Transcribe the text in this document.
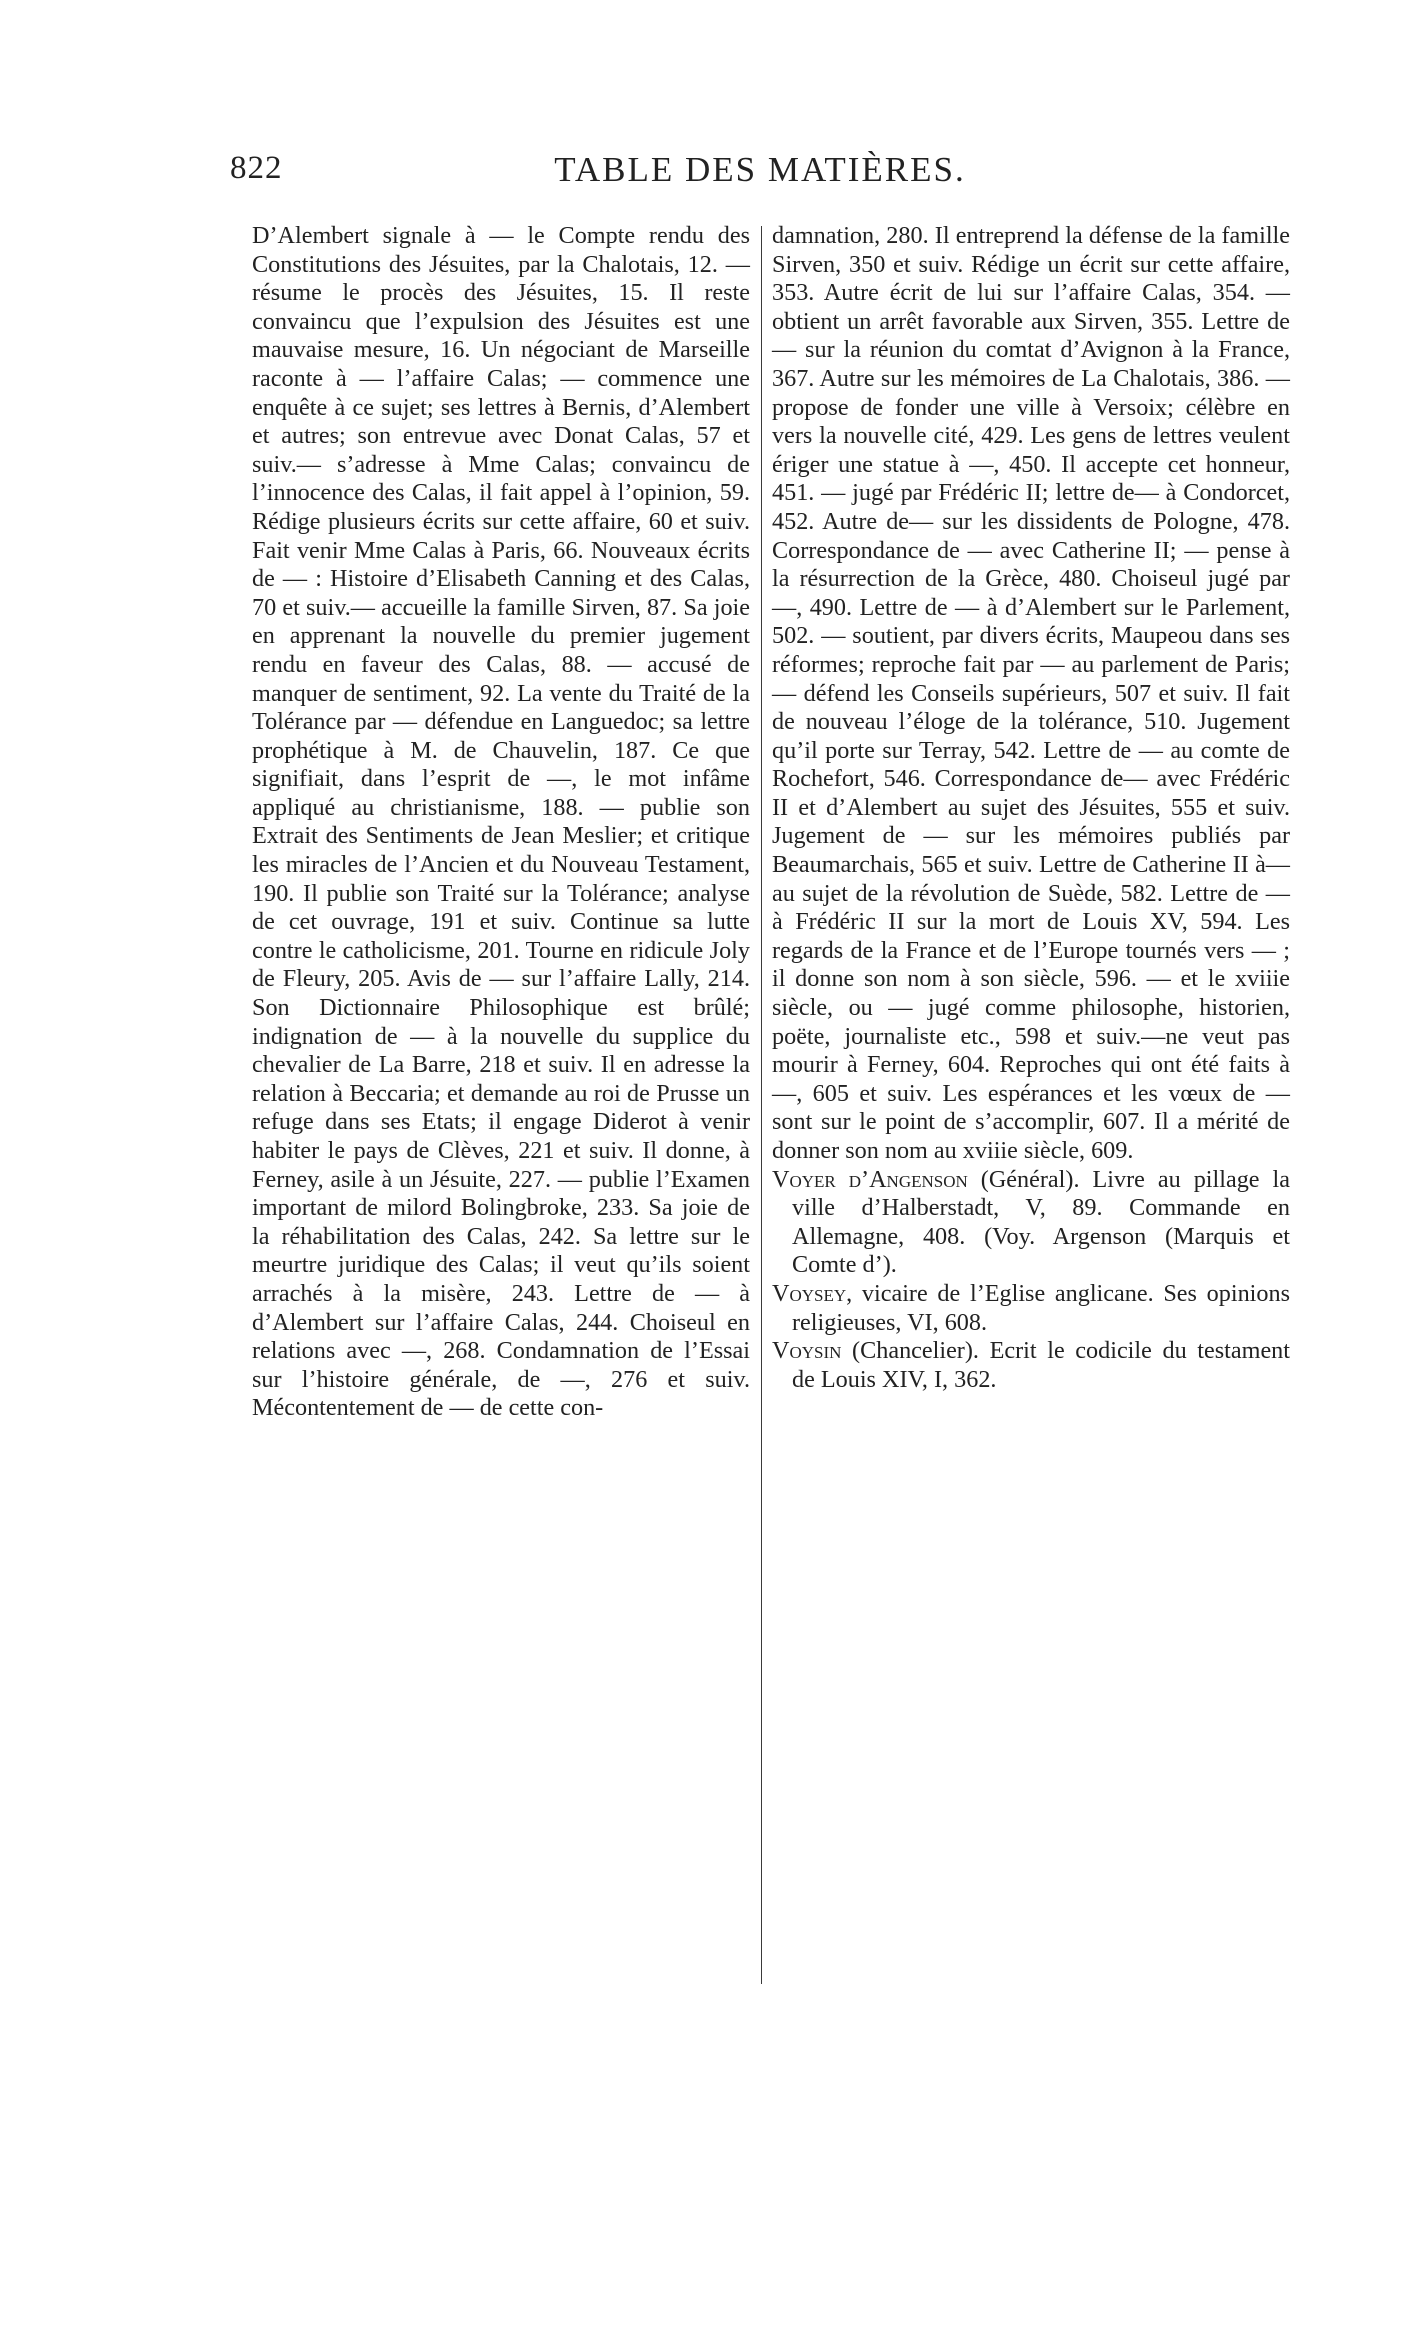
822	TABLE DES MATIÈRES.

D’Alembert signale à — le Compte rendu des Constitutions des Jésuites, par la Chalotais, 12. —résume le procès des Jésuites, 15. Il reste convaincu que l’expulsion des Jésuites est une mauvaise mesure, 16. Un négociant de Marseille raconte à — l’affaire Calas; — commence une enquête à ce sujet; ses lettres à Bernis, d’Alembert et autres; son entrevue avec Donat Calas, 57 et suiv.— s’adresse à Mme Calas; convaincu de l’innocence des Calas, il fait appel à l’opinion, 59. Rédige plusieurs écrits sur cette affaire, 60 et suiv. Fait venir Mme Calas à Paris, 66. Nouveaux écrits de — : Histoire d’Elisabeth Canning et des Calas, 70 et suiv.— accueille la famille Sirven, 87. Sa joie en apprenant la nouvelle du premier jugement rendu en faveur des Calas, 88. — accusé de manquer de sentiment, 92. La vente du Traité de la Tolérance par — défendue en Languedoc; sa lettre prophétique à M. de Chauvelin, 187. Ce que signifiait, dans l’esprit de —, le mot infâme appliqué au christianisme, 188. — publie son Extrait des Sentiments de Jean Meslier; et critique les miracles de l’Ancien et du Nouveau Testament, 190. Il publie son Traité sur la Tolérance; analyse de cet ouvrage, 191 et suiv. Continue sa lutte contre le catholicisme, 201. Tourne en ridicule Joly de Fleury, 205. Avis de — sur l’affaire Lally, 214. Son Dictionnaire Philosophique est brûlé; indignation de — à la nouvelle du supplice du chevalier de La Barre, 218 et suiv. Il en adresse la relation à Beccaria; et demande au roi de Prusse un refuge dans ses Etats; il engage Diderot à venir habiter le pays de Clèves, 221 et suiv. Il donne, à Ferney, asile à un Jésuite, 227. — publie l’Examen important de milord Bolingbroke, 233. Sa joie de la réhabilitation des Calas, 242. Sa lettre sur le meurtre juridique des Calas; il veut qu’ils soient arrachés à la misère, 243. Lettre de — à d’Alembert sur l’affaire Calas, 244. Choiseul en relations avec —, 268. Condamnation de l’Essai sur l’histoire générale, de —, 276 et suiv. Mécontentement de — de cette con-

damnation, 280. Il entreprend la défense de la famille Sirven, 350 et suiv. Rédige un écrit sur cette affaire, 353. Autre écrit de lui sur l’affaire Calas, 354. — obtient un arrêt favorable aux Sirven, 355. Lettre de — sur la réunion du comtat d’Avignon à la France, 367. Autre sur les mémoires de La Chalotais, 386. — propose de fonder une ville à Versoix; célèbre en vers la nouvelle cité, 429. Les gens de lettres veulent ériger une statue à —, 450. Il accepte cet honneur, 451. — jugé par Frédéric II; lettre de— à Condorcet, 452. Autre de— sur les dissidents de Pologne, 478. Correspondance de — avec Catherine II; — pense à la résurrection de la Grèce, 480. Choiseul jugé par —, 490. Lettre de — à d’Alembert sur le Parlement, 502. — soutient, par divers écrits, Maupeou dans ses réformes; reproche fait par — au parlement de Paris; — défend les Conseils supérieurs, 507 et suiv. Il fait de nouveau l’éloge de la tolérance, 510. Jugement qu’il porte sur Terray, 542. Lettre de — au comte de Rochefort, 546. Correspondance de— avec Frédéric II et d’Alembert au sujet des Jésuites, 555 et suiv. Jugement de — sur les mémoires publiés par Beaumarchais, 565 et suiv. Lettre de Catherine II à—au sujet de la révolution de Suède, 582. Lettre de — à Frédéric II sur la mort de Louis XV, 594. Les regards de la France et de l’Europe tournés vers — ; il donne son nom à son siècle, 596. — et le xviiie siècle, ou — jugé comme philosophe, historien, poëte, journaliste etc., 598 et suiv.—ne veut pas mourir à Ferney, 604. Reproches qui ont été faits à —, 605 et suiv. Les espérances et les vœux de — sont sur le point de s’accomplir, 607. Il a mérité de donner son nom au xviiie siècle, 609.

Voyer d’Angenson (Général). Livre au pillage la ville d’Halberstadt, V, 89. Commande en Allemagne, 408. (Voy. Argenson (Marquis et Comte d’).

Voysey, vicaire de l’Eglise anglicane. Ses opinions religieuses, VI, 608.

Voysin (Chancelier). Ecrit le codicile du testament de Louis XIV, I, 362.
